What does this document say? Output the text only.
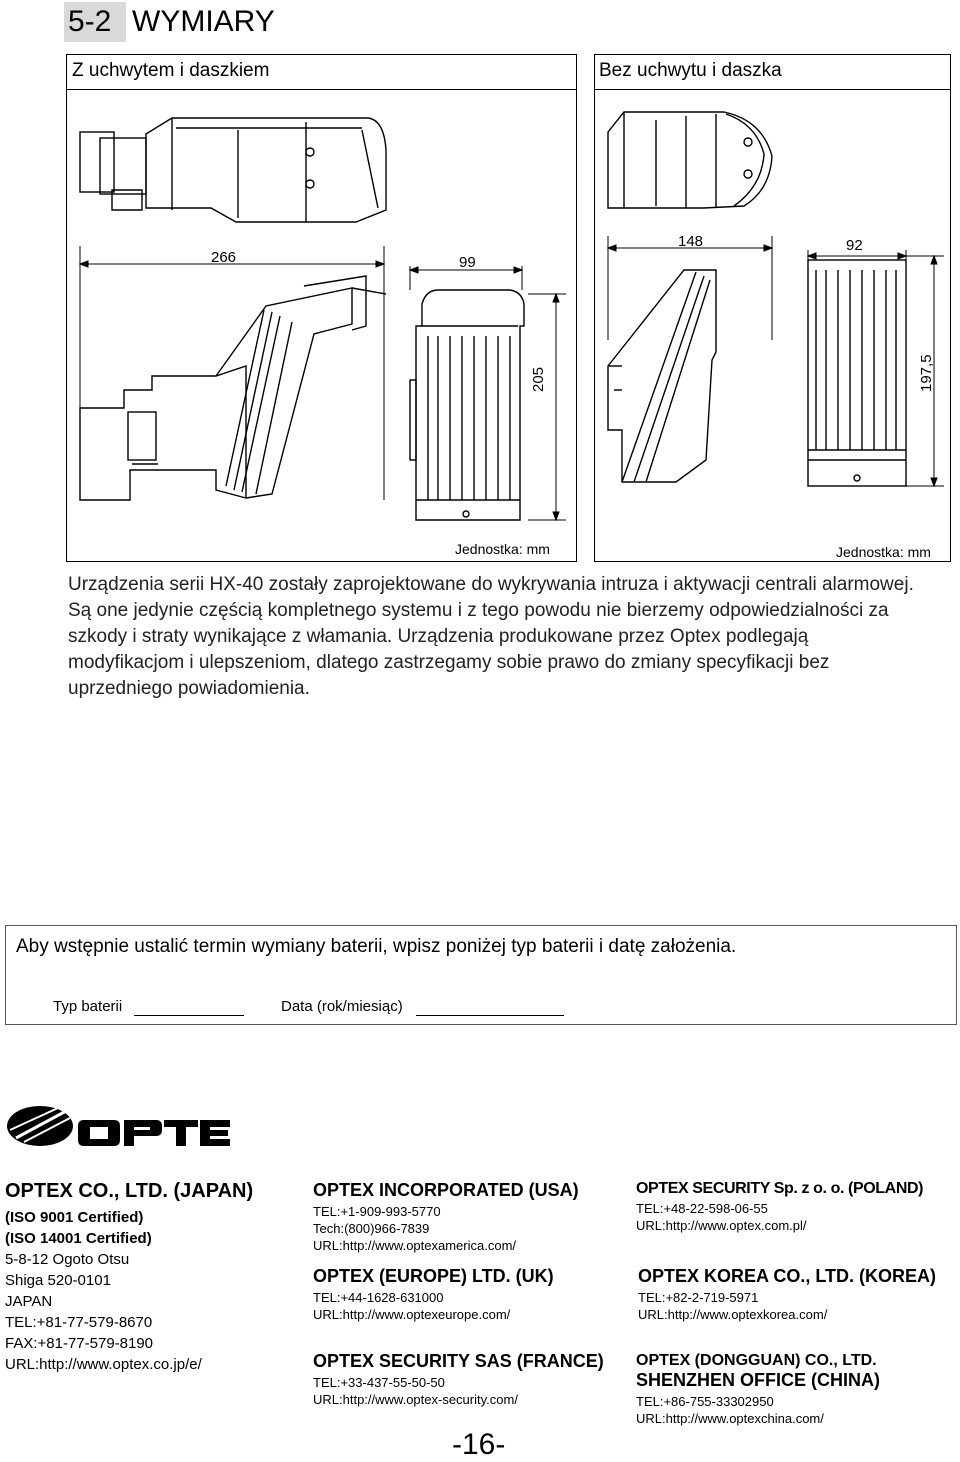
5-2 WYMIARY
Z uchwytem i daszkiem
Jednostka: mm
266	99
205
Bez uchwytu i daszka
Jednostka: mm
148	92
197,5
Urządzenia serii HX-40 zostały zaprojektowane do wykrywania intruza i aktywacji centrali alarmowej. Są one jedynie częścią kompletnego systemu i z tego powodu nie bierzemy odpowiedzialności za szkody i straty wynikające z włamania. Urządzenia produkowane przez Optex podlegają modyfikacjom i ulepszeniom, dlatego zastrzegamy sobie prawo do zmiany specyfikacji bez uprzedniego powiadomienia.
Aby wstępnie ustalić termin wymiany baterii, wpisz poniżej typ baterii i datę założenia.
Typ baterii	Data (rok/miesiąc)
OPTEX
OPTEX CO., LTD. (JAPAN)
(ISO 9001 Certified)
(ISO 14001 Certified)
5-8-12 Ogoto Otsu
Shiga 520-0101
JAPAN
TEL:+81-77-579-8670
FAX:+81-77-579-8190
URL:http://www.optex.co.jp/e/
OPTEX INCORPORATED (USA)
TEL:+1-909-993-5770
Tech:(800)966-7839
URL:http://www.optexamerica.com/
OPTEX (EUROPE) LTD. (UK)
TEL:+44-1628-631000
URL:http://www.optexeurope.com/
OPTEX SECURITY SAS (FRANCE)
TEL:+33-437-55-50-50
URL:http://www.optex-security.com/
OPTEX SECURITY Sp. z o. o. (POLAND)
TEL:+48-22-598-06-55
URL:http://www.optex.com.pl/
OPTEX KOREA CO., LTD. (KOREA)
TEL:+82-2-719-5971
URL:http://www.optexkorea.com/
OPTEX (DONGGUAN) CO., LTD.
SHENZHEN OFFICE (CHINA)
TEL:+86-755-33302950
URL:http://www.optexchina.com/
-16-
